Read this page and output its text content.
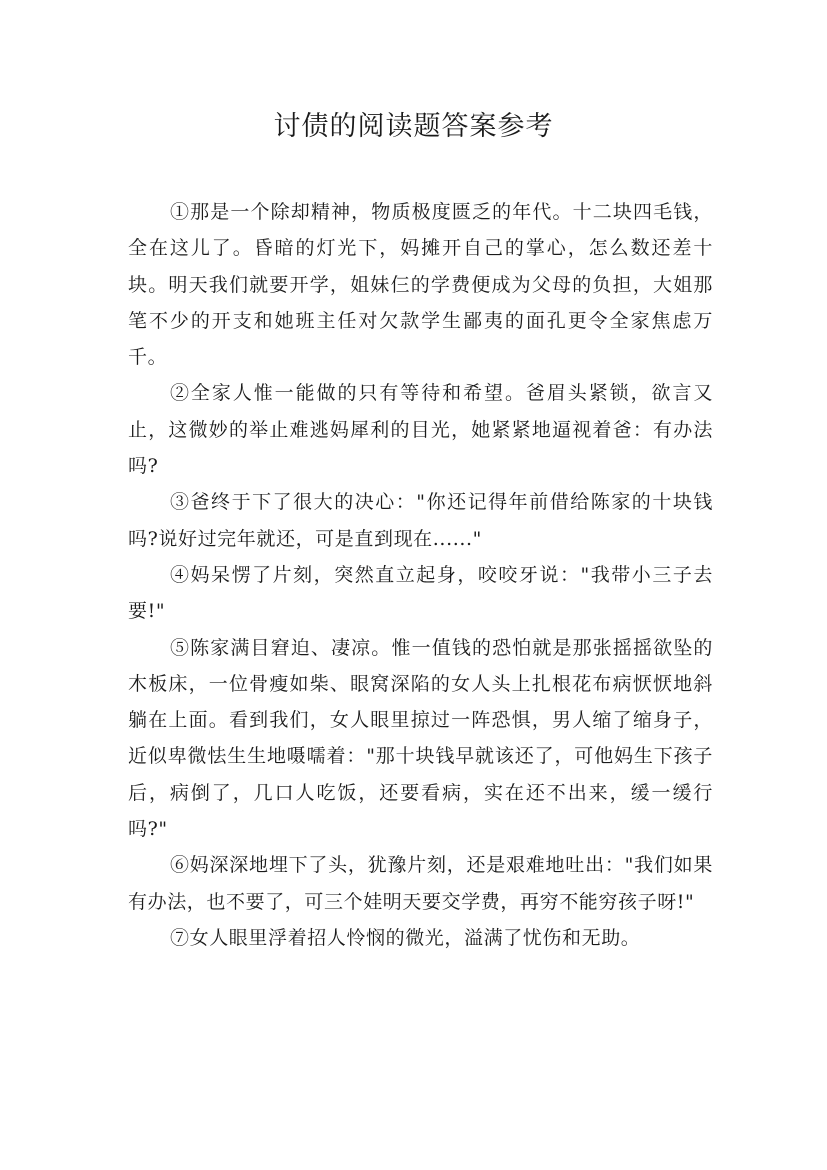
讨债的阅读题答案参考

①那是一个除却精神，物质极度匮乏的年代。十二块四毛钱，全在这儿了。昏暗的灯光下，妈摊开自己的掌心，怎么数还差十块。明天我们就要开学，姐妹仨的学费便成为父母的负担，大姐那笔不少的开支和她班主任对欠款学生鄙夷的面孔更令全家焦虑万千。

②全家人惟一能做的只有等待和希望。爸眉头紧锁，欲言又止，这微妙的举止难逃妈犀利的目光，她紧紧地逼视着爸：有办法吗?

③爸终于下了很大的决心："你还记得年前借给陈家的十块钱吗?说好过完年就还，可是直到现在......"

④妈呆愣了片刻，突然直立起身，咬咬牙说："我带小三子去要!"

⑤陈家满目窘迫、凄凉。惟一值钱的恐怕就是那张摇摇欲坠的木板床，一位骨瘦如柴、眼窝深陷的女人头上扎根花布病恹恹地斜躺在上面。看到我们，女人眼里掠过一阵恐惧，男人缩了缩身子，近似卑微怯生生地嗫嚅着："那十块钱早就该还了，可他妈生下孩子后，病倒了，几口人吃饭，还要看病，实在还不出来，缓一缓行吗?"

⑥妈深深地埋下了头，犹豫片刻，还是艰难地吐出："我们如果有办法，也不要了，可三个娃明天要交学费，再穷不能穷孩子呀!"

⑦女人眼里浮着招人怜悯的微光，溢满了忧伤和无助。
